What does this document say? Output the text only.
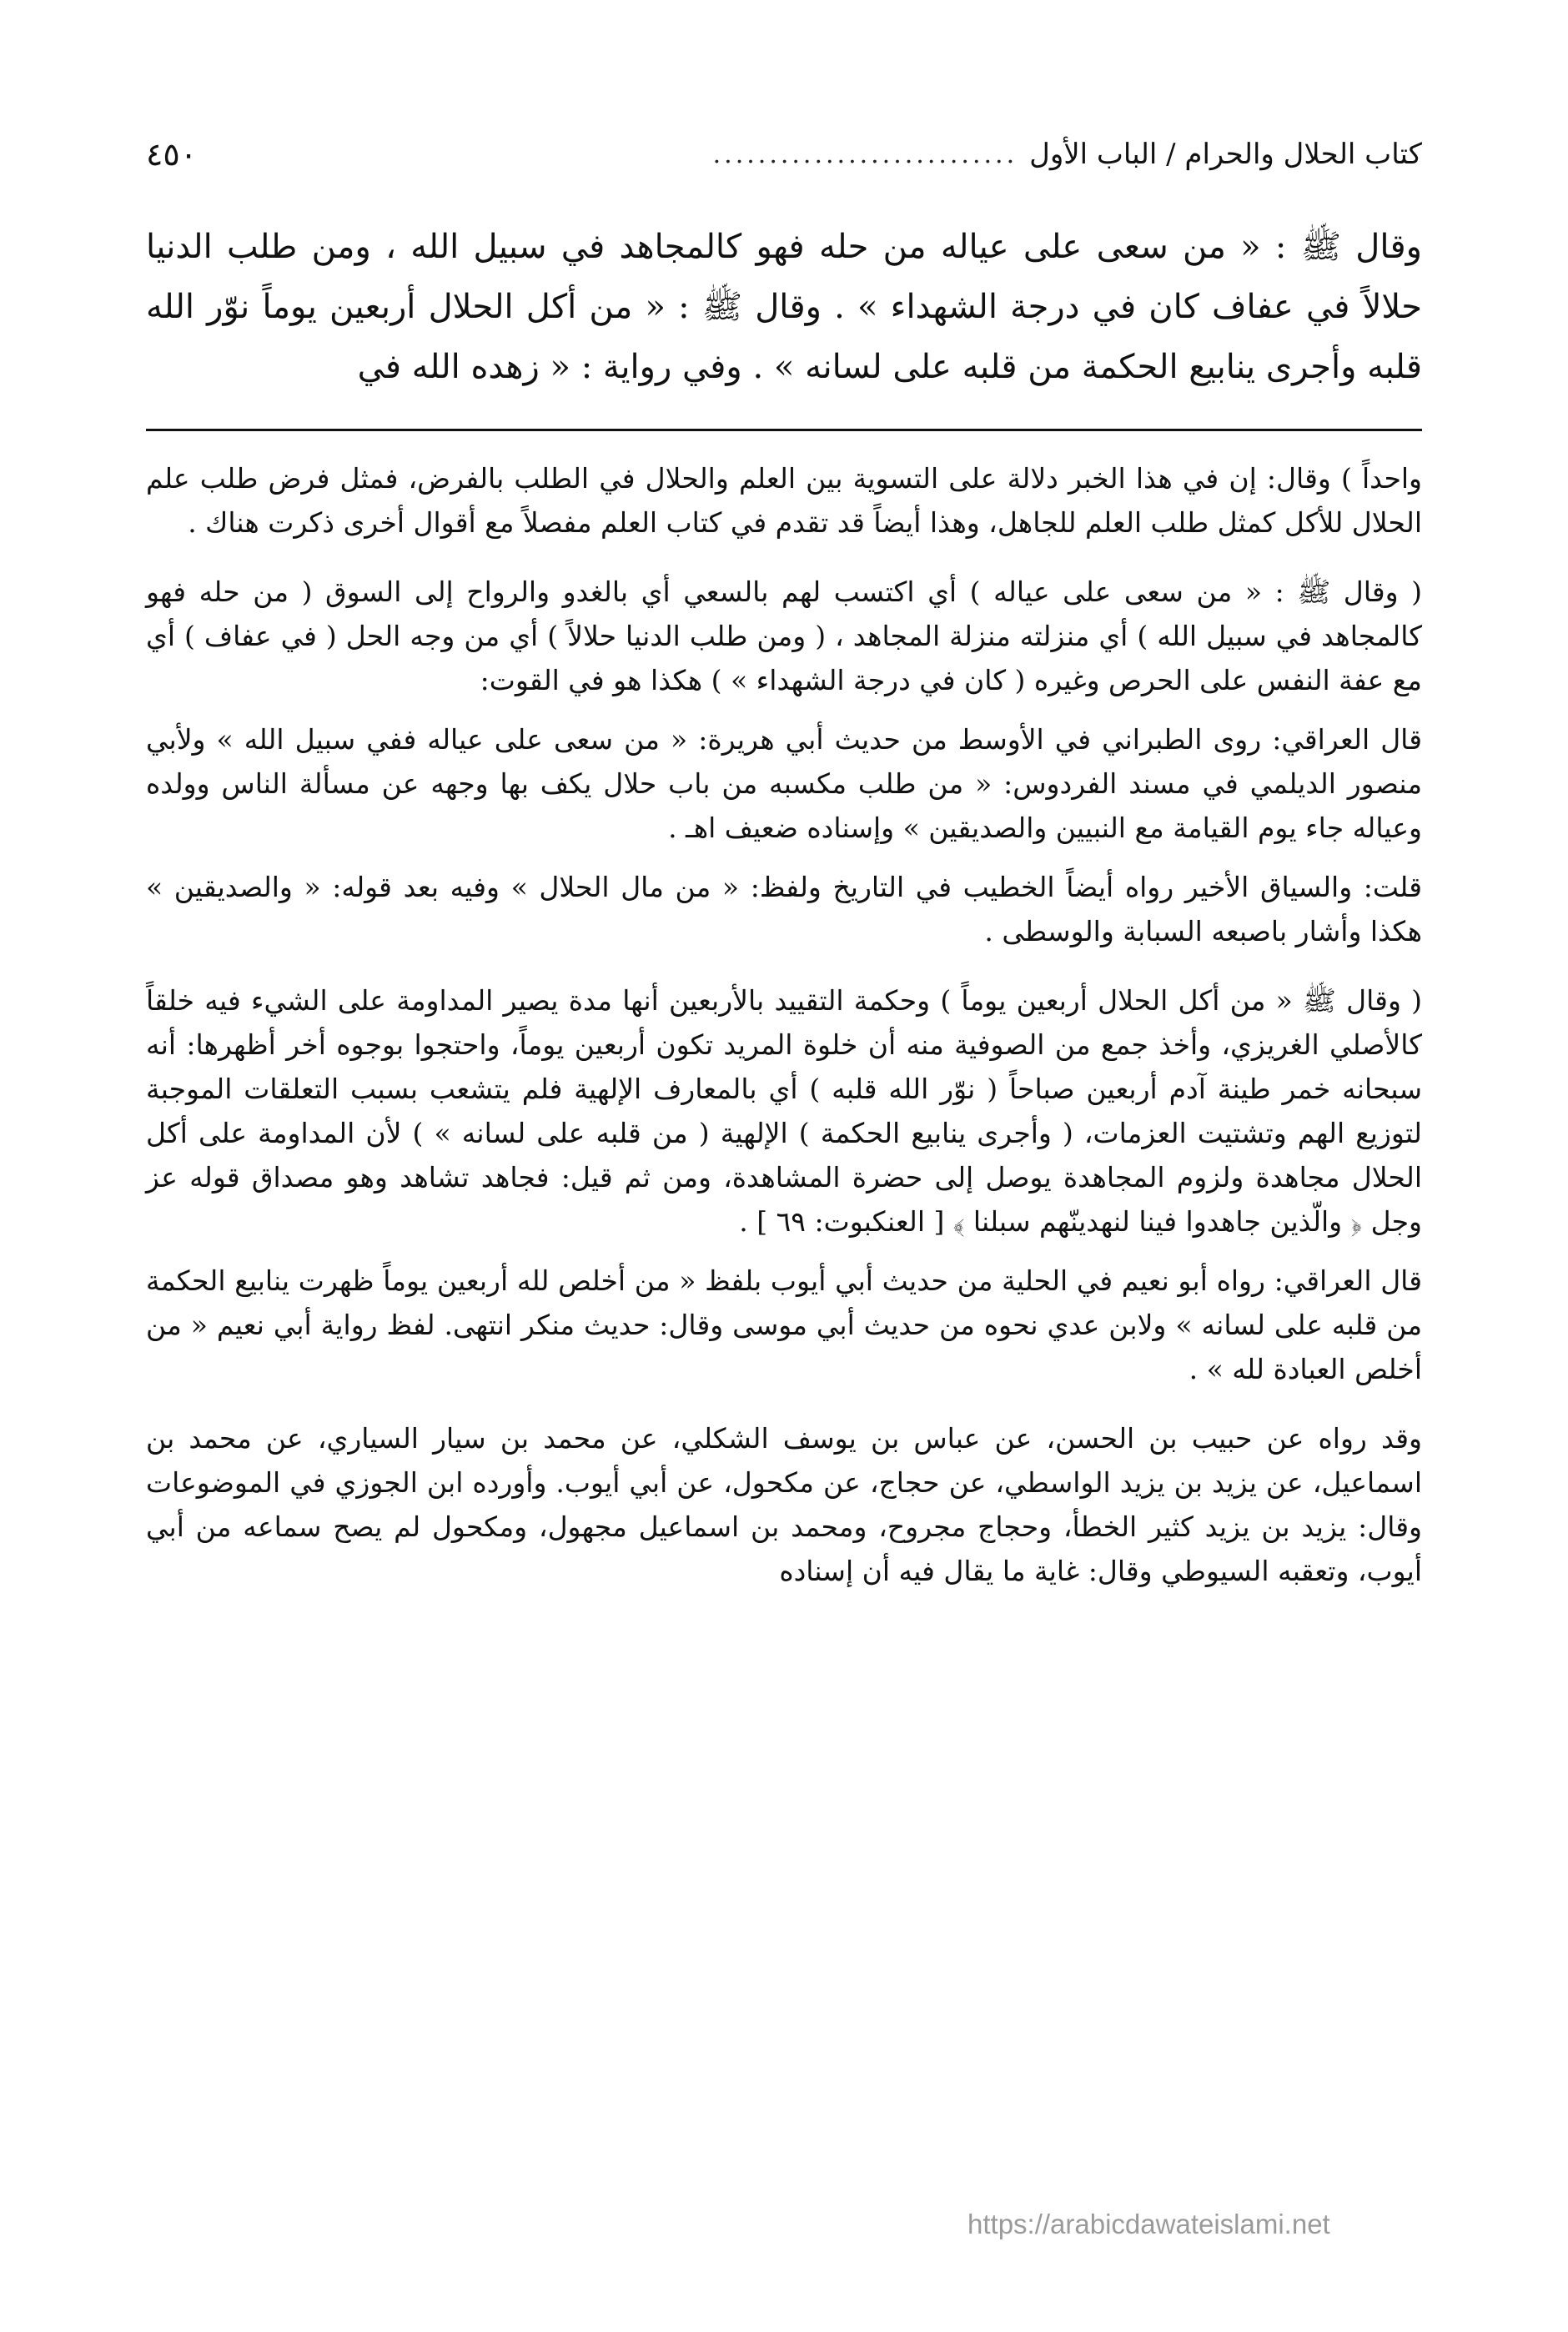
كتاب الحلال والحرام / الباب الأول
...........................
٤٥٠

وقال ﷺ : « من سعى على عياله من حله فهو كالمجاهد في سبيل الله ، ومن طلب الدنيا حلالاً في عفاف كان في درجة الشهداء » . وقال ﷺ : « من أكل الحلال أربعين يوماً نوّر الله قلبه وأجرى ينابيع الحكمة من قلبه على لسانه » . وفي رواية : « زهده الله في

واحداً ) وقال: إن في هذا الخبر دلالة على التسوية بين العلم والحلال في الطلب بالفرض، فمثل فرض طلب علم الحلال للأكل كمثل طلب العلم للجاهل، وهذا أيضاً قد تقدم في كتاب العلم مفصلاً مع أقوال أخرى ذكرت هناك .

( وقال ﷺ : « من سعى على عياله ) أي اكتسب لهم بالسعي أي بالغدو والرواح إلى السوق ( من حله فهو كالمجاهد في سبيل الله ) أي منزلته منزلة المجاهد ، ( ومن طلب الدنيا حلالاً ) أي من وجه الحل ( في عفاف ) أي مع عفة النفس على الحرص وغيره ( كان في درجة الشهداء » ) هكذا هو في القوت:

قال العراقي: روى الطبراني في الأوسط من حديث أبي هريرة: « من سعى على عياله ففي سبيل الله » ولأبي منصور الديلمي في مسند الفردوس: « من طلب مكسبه من باب حلال يكف بها وجهه عن مسألة الناس وولده وعياله جاء يوم القيامة مع النبيين والصديقين » وإسناده ضعيف اهـ .

قلت: والسياق الأخير رواه أيضاً الخطيب في التاريخ ولفظ: « من مال الحلال » وفيه بعد قوله: « والصديقين » هكذا وأشار باصبعه السبابة والوسطى .

( وقال ﷺ « من أكل الحلال أربعين يوماً ) وحكمة التقييد بالأربعين أنها مدة يصير المداومة على الشيء فيه خلقاً كالأصلي الغريزي، وأخذ جمع من الصوفية منه أن خلوة المريد تكون أربعين يوماً، واحتجوا بوجوه أخر أظهرها: أنه سبحانه خمر طينة آدم أربعين صباحاً ( نوّر الله قلبه ) أي بالمعارف الإلهية فلم يتشعب بسبب التعلقات الموجبة لتوزيع الهم وتشتيت العزمات، ( وأجرى ينابيع الحكمة ) الإلهية ( من قلبه على لسانه » ) لأن المداومة على أكل الحلال مجاهدة ولزوم المجاهدة يوصل إلى حضرة المشاهدة، ومن ثم قيل: فجاهد تشاهد وهو مصداق قوله عز وجل ﴿ والّذين جاهدوا فينا لنهدينّهم سبلنا ﴾ [ العنكبوت: ٦٩ ] .

قال العراقي: رواه أبو نعيم في الحلية من حديث أبي أيوب بلفظ « من أخلص لله أربعين يوماً ظهرت ينابيع الحكمة من قلبه على لسانه » ولابن عدي نحوه من حديث أبي موسى وقال: حديث منكر انتهى. لفظ رواية أبي نعيم « من أخلص العبادة لله » .

وقد رواه عن حبيب بن الحسن، عن عباس بن يوسف الشكلي، عن محمد بن سيار السياري، عن محمد بن اسماعيل، عن يزيد بن يزيد الواسطي، عن حجاج، عن مكحول، عن أبي أيوب. وأورده ابن الجوزي في الموضوعات وقال: يزيد بن يزيد كثير الخطأ، وحجاج مجروح، ومحمد بن اسماعيل مجهول، ومكحول لم يصح سماعه من أبي أيوب، وتعقبه السيوطي وقال: غاية ما يقال فيه أن إسناده

https://arabicdawateislami.net
